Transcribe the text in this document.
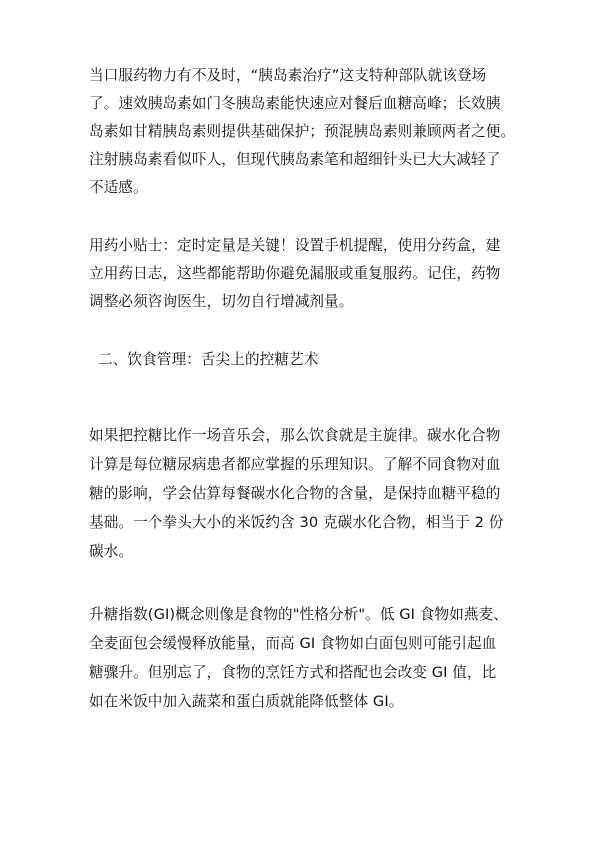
当口服药物力有不及时，“胰岛素治疗”这支特种部队就该登场

了。速效胰岛素如门冬胰岛素能快速应对餐后血糖高峰；长效胰

岛素如甘精胰岛素则提供基础保护；预混胰岛素则兼顾两者之便。

注射胰岛素看似吓人，但现代胰岛素笔和超细针头已大大减轻了

不适感。

用药小贴士：定时定量是关键！设置手机提醒，使用分药盒，建

立用药日志，这些都能帮助你避免漏服或重复服药。记住，药物

调整必须咨询医生，切勿自行增减剂量。

二、饮食管理：舌尖上的控糖艺术

如果把控糖比作一场音乐会，那么饮食就是主旋律。碳水化合物

计算是每位糖尿病患者都应掌握的乐理知识。了解不同食物对血

糖的影响，学会估算每餐碳水化合物的含量，是保持血糖平稳的

基础。一个拳头大小的米饭约含 30 克碳水化合物，相当于 2 份

碳水。

升糖指数(GI)概念则像是食物的"性格分析"。低 GI 食物如燕麦、

全麦面包会缓慢释放能量，而高 GI 食物如白面包则可能引起血

糖骤升。但别忘了，食物的烹饪方式和搭配也会改变 GI 值，比

如在米饭中加入蔬菜和蛋白质就能降低整体 GI。
